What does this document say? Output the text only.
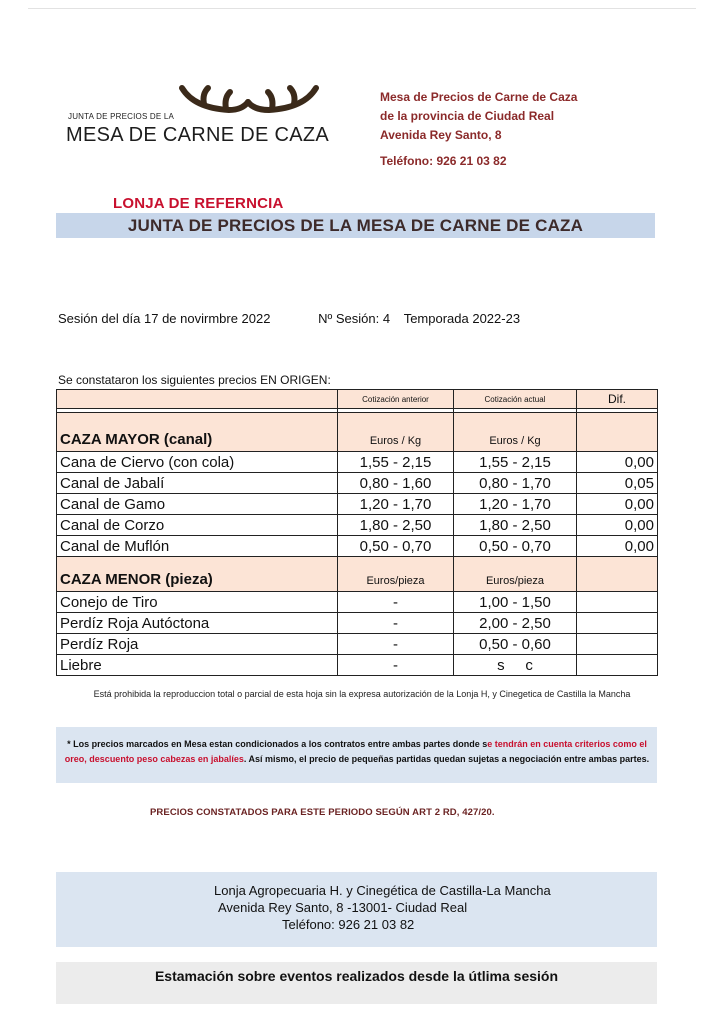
JUNTA DE PRECIOS DE LA
MESA DE CARNE DE CAZA
Mesa de Precios de Carne de Caza
de la provincia de Ciudad Real
Avenida Rey Santo, 8
Teléfono: 926 21 03 82
LONJA DE REFERNCIA
JUNTA DE PRECIOS DE LA MESA DE CARNE DE CAZA
Sesión del día 17 de novirmbre 2022	Nº Sesión: 4 Temporada 2022-23
Se constataron los siguientes precios EN ORIGEN:
	Cotización anterior	Cotización actual	Dif.

CAZA MAYOR (canal)	Euros / Kg	Euros / Kg	
Cana de Ciervo (con cola)	1,55 - 2,15	1,55 - 2,15	0,00
Canal de Jabalí	0,80 - 1,60	0,80 - 1,70	0,05
Canal de Gamo	1,20 - 1,70	1,20 - 1,70	0,00
Canal de Corzo	1,80 - 2,50	1,80 - 2,50	0,00
Canal de Muflón	0,50 - 0,70	0,50 - 0,70	0,00
CAZA MENOR (pieza)	Euros/pieza	Euros/pieza	
Conejo de Tiro	-	1,00 - 1,50	
Perdíz Roja Autóctona	-	2,00 - 2,50	
Perdíz Roja	-	0,50 - 0,60	
Liebre	-	s     c	
Está prohibida la reproduccion total o parcial de esta hoja sin la expresa autorización de la Lonja H, y Cinegetica de Castilla la Mancha
* Los precios marcados en Mesa estan condicionados a los contratos entre ambas partes donde se tendrán en cuenta criterios como el oreo, descuento peso cabezas en jabalíes. Así mismo, el precio de pequeñas partidas quedan sujetas a negociación entre ambas partes.
PRECIOS CONSTATADOS PARA ESTE PERIODO SEGÚN ART 2 RD, 427/20.
Lonja Agropecuaria H. y Cinegética de Castilla-La Mancha
Avenida Rey Santo, 8 -13001- Ciudad Real
Teléfono: 926 21 03 82
Estamación sobre eventos realizados desde la útlima sesión
